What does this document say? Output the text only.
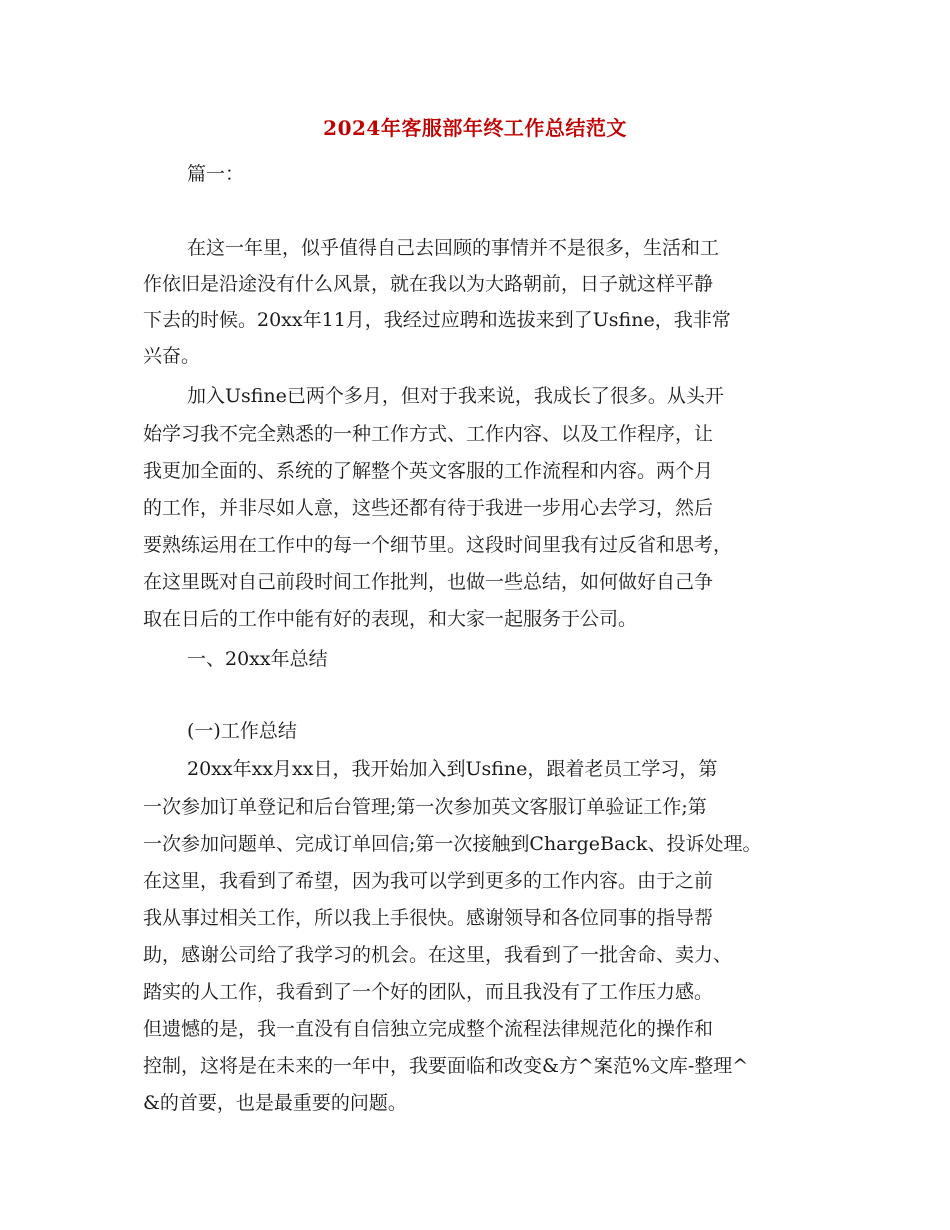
2024年客服部年终工作总结范文

篇一：

在这一年里，似乎值得自己去回顾的事情并不是很多，生活和工

作依旧是沿途没有什么风景，就在我以为大路朝前，日子就这样平静

下去的时候。20xx年11月，我经过应聘和选拔来到了Usfine，我非常

兴奋。

加入Usfine已两个多月，但对于我来说，我成长了很多。从头开

始学习我不完全熟悉的一种工作方式、工作内容、以及工作程序，让

我更加全面的、系统的了解整个英文客服的工作流程和内容。两个月

的工作，并非尽如人意，这些还都有待于我进一步用心去学习，然后

要熟练运用在工作中的每一个细节里。这段时间里我有过反省和思考，

在这里既对自己前段时间工作批判，也做一些总结，如何做好自己争

取在日后的工作中能有好的表现，和大家一起服务于公司。

一、20xx年总结

(一)工作总结

20xx年xx月xx日，我开始加入到Usfine，跟着老员工学习，第

一次参加订单登记和后台管理;第一次参加英文客服订单验证工作;第

一次参加问题单、完成订单回信;第一次接触到ChargeBack、投诉处理。

在这里，我看到了希望，因为我可以学到更多的工作内容。由于之前

我从事过相关工作，所以我上手很快。感谢领导和各位同事的指导帮

助，感谢公司给了我学习的机会。在这里，我看到了一批舍命、卖力、

踏实的人工作，我看到了一个好的团队，而且我没有了工作压力感。

但遗憾的是，我一直没有自信独立完成整个流程法律规范化的操作和

控制，这将是在未来的一年中，我要面临和改变&方^案范%文库-整理^

&的首要，也是最重要的问题。
